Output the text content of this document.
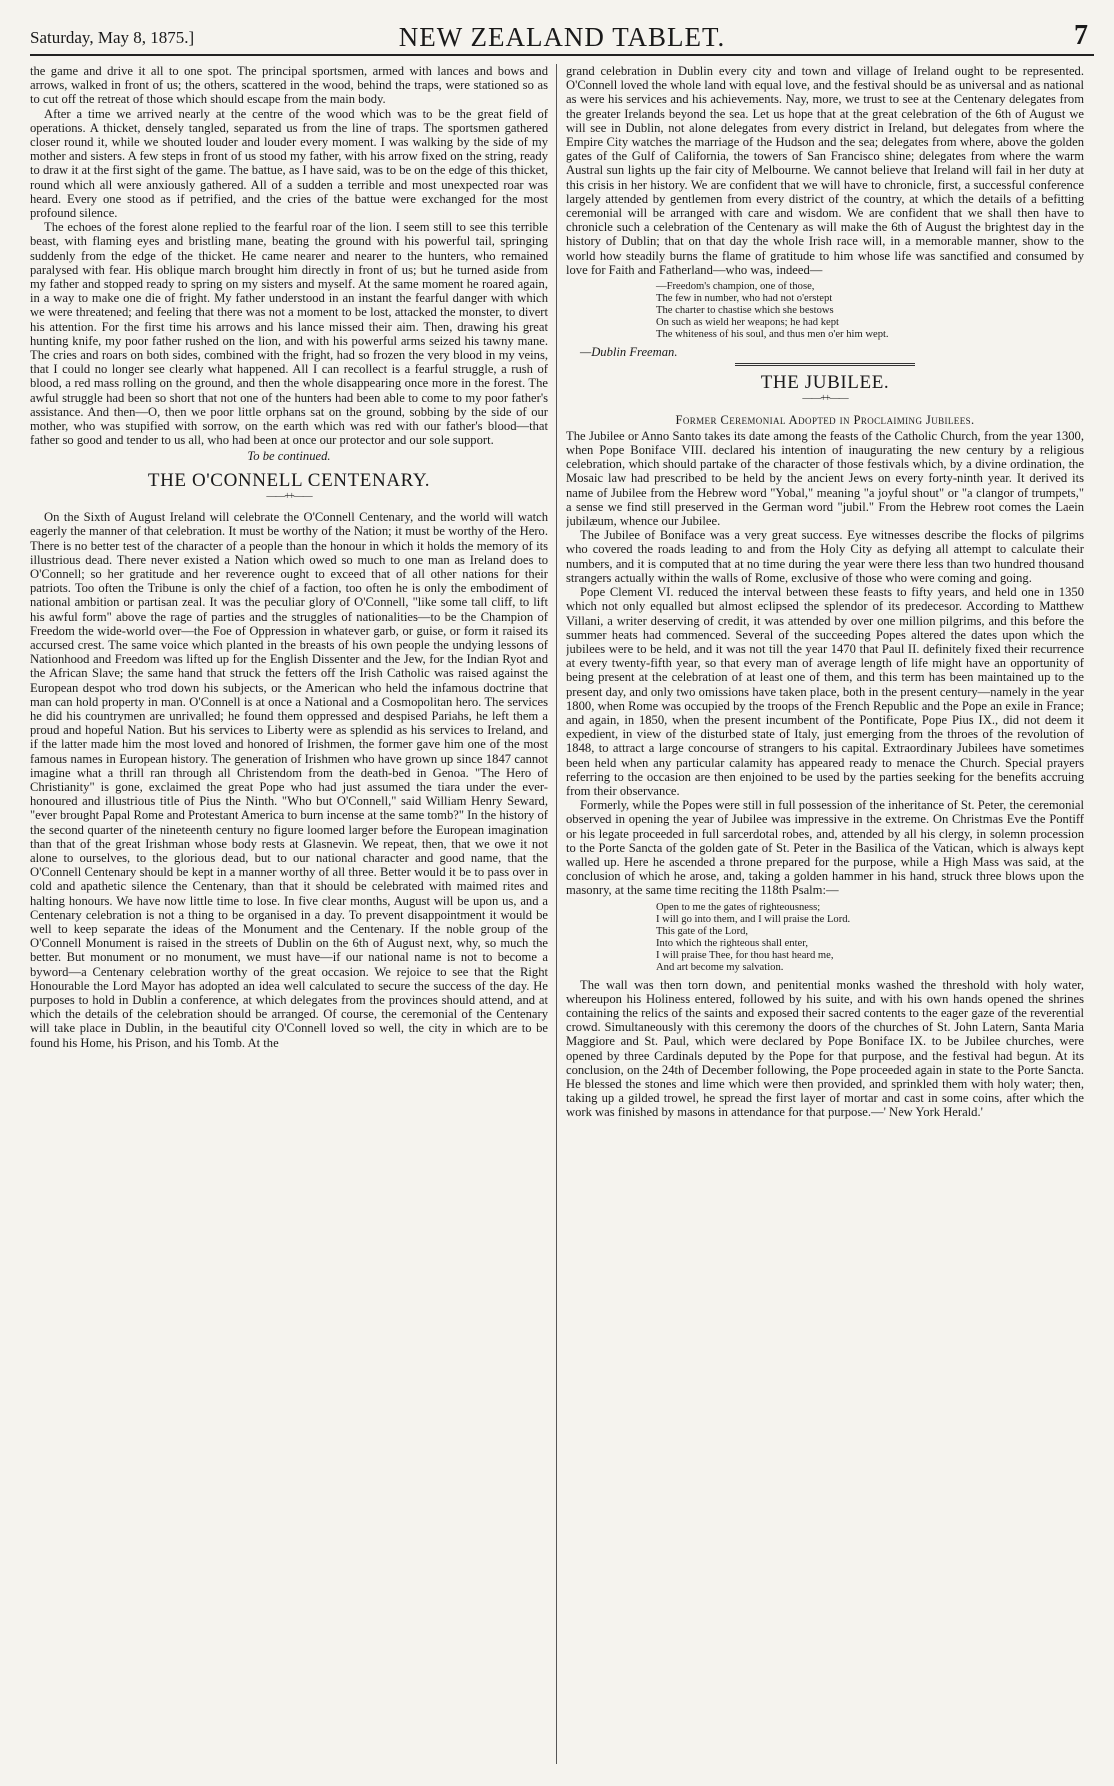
Saturday, May 8, 1875.]	NEW ZEALAND TABLET.	7

the game and drive it all to one spot. The principal sportsmen, armed with lances and bows and arrows, walked in front of us; the others, scattered in the wood, behind the traps, were stationed so as to cut off the retreat of those which should escape from the main body.

After a time we arrived nearly at the centre of the wood which was to be the great field of operations. A thicket, densely tangled, separated us from the line of traps. The sportsmen gathered closer round it, while we shouted louder and louder every moment. I was walking by the side of my mother and sisters. A few steps in front of us stood my father, with his arrow fixed on the string, ready to draw it at the first sight of the game. The battue, as I have said, was to be on the edge of this thicket, round which all were anxiously gathered. All of a sudden a terrible and most unexpected roar was heard. Every one stood as if petrified, and the cries of the battue were exchanged for the most profound silence.

The echoes of the forest alone replied to the fearful roar of the lion. I seem still to see this terrible beast, with flaming eyes and bristling mane, beating the ground with his powerful tail, springing suddenly from the edge of the thicket. He came nearer and nearer to the hunters, who remained paralysed with fear. His oblique march brought him directly in front of us; but he turned aside from my father and stopped ready to spring on my sisters and myself. At the same moment he roared again, in a way to make one die of fright. My father understood in an instant the fearful danger with which we were threatened; and feeling that there was not a moment to be lost, attacked the monster, to divert his attention. For the first time his arrows and his lance missed their aim. Then, drawing his great hunting knife, my poor father rushed on the lion, and with his powerful arms seized his tawny mane. The cries and roars on both sides, combined with the fright, had so frozen the very blood in my veins, that I could no longer see clearly what happened. All I can recollect is a fearful struggle, a rush of blood, a red mass rolling on the ground, and then the whole disappearing once more in the forest. The awful struggle had been so short that not one of the hunters had been able to come to my poor father's assistance. And then—O, then we poor little orphans sat on the ground, sobbing by the side of our mother, who was stupified with sorrow, on the earth which was red with our father's blood—that father so good and tender to us all, who had been at once our protector and our sole support.

To be continued.
THE O'CONNELL CENTENARY.
——++——

On the Sixth of August Ireland will celebrate the O'Connell Centenary, and the world will watch eagerly the manner of that celebration. It must be worthy of the Nation; it must be worthy of the Hero. There is no better test of the character of a people than the honour in which it holds the memory of its illustrious dead. There never existed a Nation which owed so much to one man as Ireland does to O'Connell; so her gratitude and her reverence ought to exceed that of all other nations for their patriots. Too often the Tribune is only the chief of a faction, too often he is only the embodiment of national ambition or partisan zeal. It was the peculiar glory of O'Connell, "like some tall cliff, to lift his awful form" above the rage of parties and the struggles of nationalities—to be the Champion of Freedom the wide-world over—the Foe of Oppression in whatever garb, or guise, or form it raised its accursed crest. The same voice which planted in the breasts of his own people the undying lessons of Nationhood and Freedom was lifted up for the English Dissenter and the Jew, for the Indian Ryot and the African Slave; the same hand that struck the fetters off the Irish Catholic was raised against the European despot who trod down his subjects, or the American who held the infamous doctrine that man can hold property in man. O'Connell is at once a National and a Cosmopolitan hero. The services he did his countrymen are unrivalled; he found them oppressed and despised Pariahs, he left them a proud and hopeful Nation. But his services to Liberty were as splendid as his services to Ireland, and if the latter made him the most loved and honored of Irishmen, the former gave him one of the most famous names in European history. The generation of Irishmen who have grown up since 1847 cannot imagine what a thrill ran through all Christendom from the death-bed in Genoa. "The Hero of Christianity" is gone, exclaimed the great Pope who had just assumed the tiara under the ever-honoured and illustrious title of Pius the Ninth. "Who but O'Connell," said William Henry Seward, "ever brought Papal Rome and Protestant America to burn incense at the same tomb?" In the history of the second quarter of the nineteenth century no figure loomed larger before the European imagination than that of the great Irishman whose body rests at Glasnevin. We repeat, then, that we owe it not alone to ourselves, to the glorious dead, but to our national character and good name, that the O'Connell Centenary should be kept in a manner worthy of all three. Better would it be to pass over in cold and apathetic silence the Centenary, than that it should be celebrated with maimed rites and halting honours. We have now little time to lose. In five clear months, August will be upon us, and a Centenary celebration is not a thing to be organised in a day. To prevent disappointment it would be well to keep separate the ideas of the Monument and the Centenary. If the noble group of the O'Connell Monument is raised in the streets of Dublin on the 6th of August next, why, so much the better. But monument or no monument, we must have—if our national name is not to become a byword—a Centenary celebration worthy of the great occasion. We rejoice to see that the Right Honourable the Lord Mayor has adopted an idea well calculated to secure the success of the day. He purposes to hold in Dublin a conference, at which delegates from the provinces should attend, and at which the details of the celebration should be arranged. Of course, the ceremonial of the Centenary will take place in Dublin, in the beautiful city O'Connell loved so well, the city in which are to be found his Home, his Prison, and his Tomb. At the

grand celebration in Dublin every city and town and village of Ireland ought to be represented. O'Connell loved the whole land with equal love, and the festival should be as universal and as national as were his services and his achievements. Nay, more, we trust to see at the Centenary delegates from the greater Irelands beyond the sea. Let us hope that at the great celebration of the 6th of August we will see in Dublin, not alone delegates from every district in Ireland, but delegates from where the Empire City watches the marriage of the Hudson and the sea; delegates from where, above the golden gates of the Gulf of California, the towers of San Francisco shine; delegates from where the warm Austral sun lights up the fair city of Melbourne. We cannot believe that Ireland will fail in her duty at this crisis in her history. We are confident that we will have to chronicle, first, a successful conference largely attended by gentlemen from every district of the country, at which the details of a befitting ceremonial will be arranged with care and wisdom. We are confident that we shall then have to chronicle such a celebration of the Centenary as will make the 6th of August the brightest day in the history of Dublin; that on that day the whole Irish race will, in a memorable manner, show to the world how steadily burns the flame of gratitude to him whose life was sanctified and consumed by love for Faith and Fatherland—who was, indeed—

—Freedom's champion, one of those,
The few in number, who had not o'erstept
The charter to chastise which she bestows
On such as wield her weapons; he had kept
The whiteness of his soul, and thus men o'er him wept.

—Dublin Freeman.

THE JUBILEE.
——++——
Former Ceremonial Adopted in Proclaiming Jubilees.

The Jubilee or Anno Santo takes its date among the feasts of the Catholic Church, from the year 1300, when Pope Boniface VIII. declared his intention of inaugurating the new century by a religious celebration, which should partake of the character of those festivals which, by a divine ordination, the Mosaic law had prescribed to be held by the ancient Jews on every forty-ninth year. It derived its name of Jubilee from the Hebrew word "Yobal," meaning "a joyful shout" or "a clangor of trumpets," a sense we find still preserved in the German word "jubil." From the Hebrew root comes the Laein jubilæum, whence our Jubilee.

The Jubilee of Boniface was a very great success. Eye witnesses describe the flocks of pilgrims who covered the roads leading to and from the Holy City as defying all attempt to calculate their numbers, and it is computed that at no time during the year were there less than two hundred thousand strangers actually within the walls of Rome, exclusive of those who were coming and going.

Pope Clement VI. reduced the interval between these feasts to fifty years, and held one in 1350 which not only equalled but almost eclipsed the splendor of its predecesor. According to Matthew Villani, a writer deserving of credit, it was attended by over one million pilgrims, and this before the summer heats had commenced. Several of the succeeding Popes altered the dates upon which the jubilees were to be held, and it was not till the year 1470 that Paul II. definitely fixed their recurrence at every twenty-fifth year, so that every man of average length of life might have an opportunity of being present at the celebration of at least one of them, and this term has been maintained up to the present day, and only two omissions have taken place, both in the present century—namely in the year 1800, when Rome was occupied by the troops of the French Republic and the Pope an exile in France; and again, in 1850, when the present incumbent of the Pontificate, Pope Pius IX., did not deem it expedient, in view of the disturbed state of Italy, just emerging from the throes of the revolution of 1848, to attract a large concourse of strangers to his capital. Extraordinary Jubilees have sometimes been held when any particular calamity has appeared ready to menace the Church. Special prayers referring to the occasion are then enjoined to be used by the parties seeking for the benefits accruing from their observance.

Formerly, while the Popes were still in full possession of the inheritance of St. Peter, the ceremonial observed in opening the year of Jubilee was impressive in the extreme. On Christmas Eve the Pontiff or his legate proceeded in full sarcerdotal robes, and, attended by all his clergy, in solemn procession to the Porte Sancta of the golden gate of St. Peter in the Basilica of the Vatican, which is always kept walled up. Here he ascended a throne prepared for the purpose, while a High Mass was said, at the conclusion of which he arose, and, taking a golden hammer in his hand, struck three blows upon the masonry, at the same time reciting the 118th Psalm:—

Open to me the gates of righteousness;
I will go into them, and I will praise the Lord.
This gate of the Lord,
Into which the righteous shall enter,
I will praise Thee, for thou hast heard me,
And art become my salvation.

The wall was then torn down, and penitential monks washed the threshold with holy water, whereupon his Holiness entered, followed by his suite, and with his own hands opened the shrines containing the relics of the saints and exposed their sacred contents to the eager gaze of the reverential crowd. Simultaneously with this ceremony the doors of the churches of St. John Latern, Santa Maria Maggiore and St. Paul, which were declared by Pope Boniface IX. to be Jubilee churches, were opened by three Cardinals deputed by the Pope for that purpose, and the festival had begun. At its conclusion, on the 24th of December following, the Pope proceeded again in state to the Porte Sancta. He blessed the stones and lime which were then provided, and sprinkled them with holy water; then, taking up a gilded trowel, he spread the first layer of mortar and cast in some coins, after which the work was finished by masons in attendance for that purpose.—' New York Herald.'
